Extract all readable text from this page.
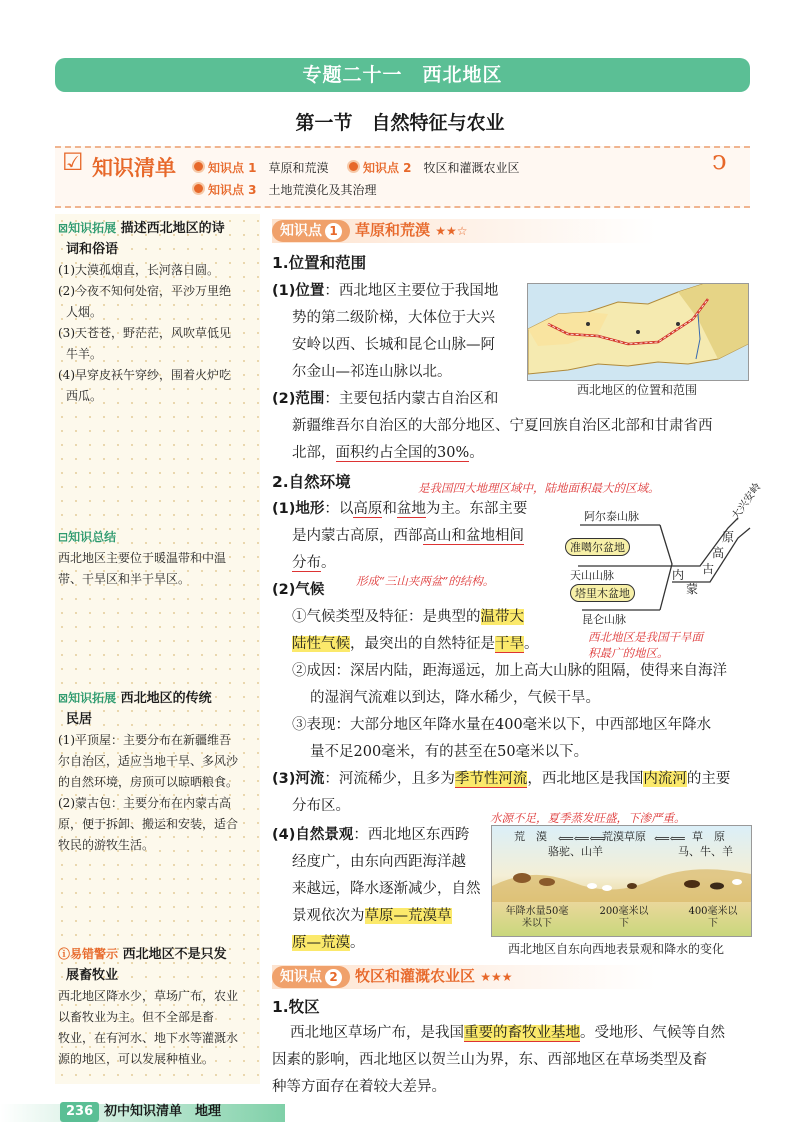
专题二十一　西北地区
第一节　自然特征与农业
☑ 知识清单	知识点 1　 草原和荒漠	知识点 2　 牧区和灌溉农业区
知识点 3　 土地荒漠化及其治理
ↄ
⊠知识拓展 描述西北地区的诗
词和俗语
(1)大漠孤烟直，长河落日圆。
(2)今夜不知何处宿，平沙万里绝
人烟。
(3)天苍苍，野茫茫，风吹草低见
牛羊。
(4)早穿皮袄午穿纱，围着火炉吃
西瓜。
⊟知识总结
西北地区主要位于暖温带和中温
带、干旱区和半干旱区。
⊠知识拓展 西北地区的传统
民居
(1)平顶屋：主要分布在新疆维吾
尔自治区，适应当地干旱、多风沙
的自然环境，房顶可以晾晒粮食。
(2)蒙古包：主要分布在内蒙古高
原，便于拆卸、搬运和安装，适合
牧民的游牧生活。
ⓘ易错警示 西北地区不是只发
展畜牧业
西北地区降水少，草场广布，农业
以畜牧业为主。但不全部是畜
牧业，在有河水、地下水等灌溉水
源的地区，可以发展种植业。
知识点 1 草原和荒漠 ★★☆
1.位置和范围
(1)位置：西北地区主要位于我国地
势的第二级阶梯，大体位于大兴
安岭以西、长城和昆仑山脉—阿
尔金山—祁连山脉以北。
西北地区的位置和范围
(2)范围：主要包括内蒙古自治区和
新疆维吾尔自治区的大部分地区、宁夏回族自治区北部和甘肃省西
北部，面积约占全国的30%。
2.自然环境	是我国四大地理区域中，陆地面积最大的区域。
(1)地形：以高原和盆地为主。东部主要
是内蒙古高原，西部高山和盆地相间
分布。
阿尔泰山脉
准噶尔盆地
天山山脉
塔里木盆地
昆仑山脉
内
蒙
古
高
原
大兴安岭
形成“三山夹两盆”的结构。
(2)气候
①气候类型及特征：是典型的温带大
陆性气候，最突出的自然特征是干旱。	西北地区是我国干旱面积最广的地区。
②成因：深居内陆，距海遥远，加上高大山脉的阻隔，使得来自海洋
的湿润气流难以到达，降水稀少，气候干旱。
③表现：大部分地区年降水量在400毫米以下，中西部地区年降水
量不足200毫米，有的甚至在50毫米以下。
(3)河流：河流稀少，且多为季节性河流，西北地区是我国内流河的主要
分布区。
水源不足，夏季蒸发旺盛，下渗严重。
(4)自然景观：西北地区东西跨
经度广，由东向西距海洋越
来越远，降水逐渐减少，自然
景观依次为草原—荒漠草
原—荒漠。
荒　漠 ⟸⟸⟸
荒漠草原 ⟸⟸ 草　原
骆驼、山羊	马、牛、羊
年降水量50毫米以下
200毫米以下
400毫米以下
西北地区自东向西地表景观和降水的变化
知识点 2 牧区和灌溉农业区 ★★★
1.牧区
西北地区草场广布，是我国重要的畜牧业基地。受地形、气候等自然
因素的影响，西北地区以贺兰山为界，东、西部地区在草场类型及畜
种等方面存在着较大差异。
236 初中知识清单　地理
